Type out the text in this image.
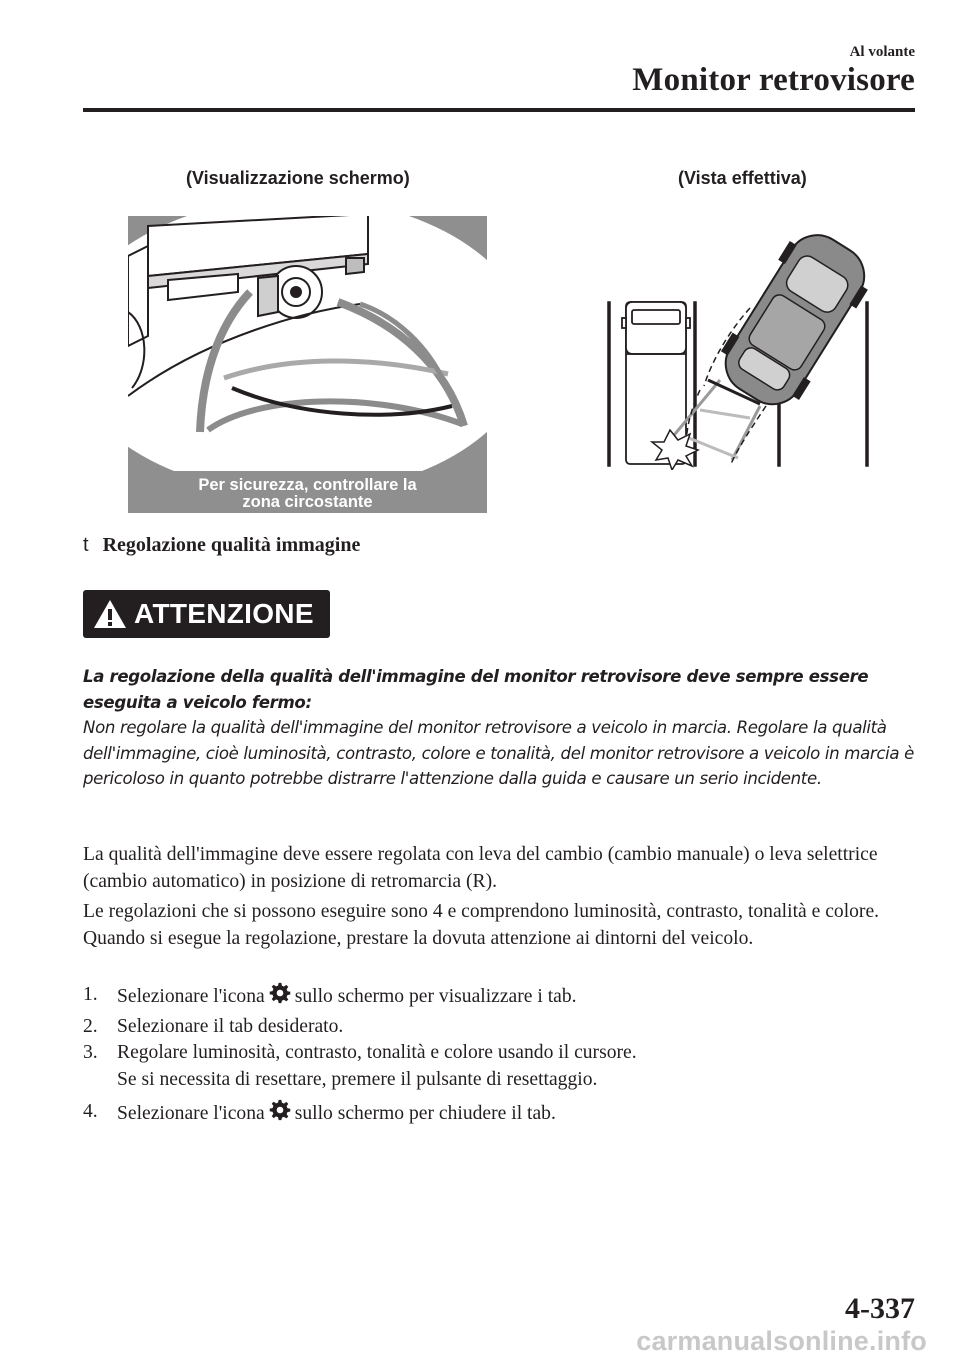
Al volante
Monitor retrovisore
(Visualizzazione schermo)	(Vista effettiva)
Per sicurezza, controllare la
zona circostante
t Regolazione qualità immagine
ATTENZIONE

La regolazione della qualità dell'immagine del monitor retrovisore deve sempre essere eseguita a veicolo fermo:

Non regolare la qualità dell'immagine del monitor retrovisore a veicolo in marcia. Regolare la qualità dell'immagine, cioè luminosità, contrasto, colore e tonalità, del monitor retrovisore a veicolo in marcia è pericoloso in quanto potrebbe distrarre l'attenzione dalla guida e causare un serio incidente.

La qualità dell'immagine deve essere regolata con leva del cambio (cambio manuale) o leva selettrice (cambio automatico) in posizione di retromarcia (R).

Le regolazioni che si possono eseguire sono 4 e comprendono luminosità, contrasto, tonalità e colore. Quando si esegue la regolazione, prestare la dovuta attenzione ai dintorni del veicolo.

1. Selezionare l'icona sullo schermo per visualizzare i tab.
2. Selezionare il tab desiderato.
3. Regolare luminosità, contrasto, tonalità e colore usando il cursore.
Se si necessita di resettare, premere il pulsante di resettaggio.
4. Selezionare l'icona sullo schermo per chiudere il tab.
4-337
carmanualsonline.info
